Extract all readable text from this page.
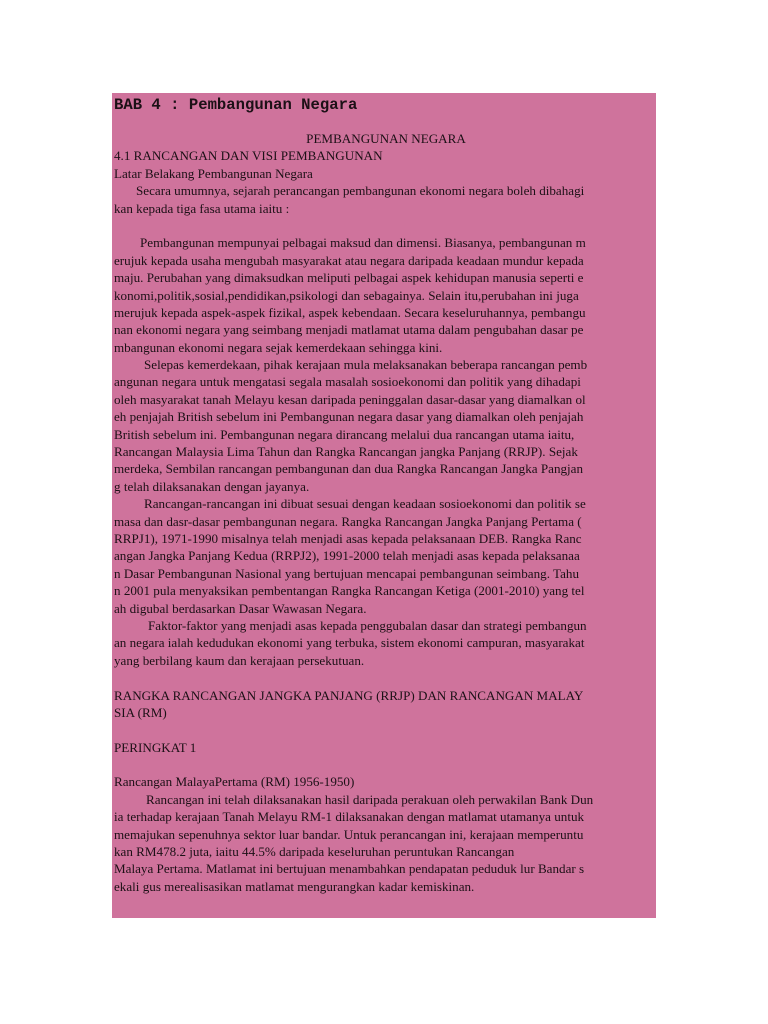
BAB 4 : Pembangunan Negara
PEMBANGUNAN NEGARA
4.1 RANCANGAN DAN VISI PEMBANGUNAN
Latar Belakang Pembangunan Negara
Secara umumnya, sejarah perancangan pembangunan ekonomi negara boleh dibahagi
kan kepada tiga fasa utama iaitu :
Pembangunan mempunyai pelbagai maksud dan dimensi. Biasanya, pembangunan m
erujuk kepada usaha mengubah masyarakat atau negara daripada keadaan mundur kepada
maju. Perubahan yang dimaksudkan meliputi pelbagai aspek kehidupan manusia seperti e
konomi,politik,sosial,pendidikan,psikologi dan sebagainya. Selain itu,perubahan ini juga
merujuk kepada aspek-aspek fizikal, aspek kebendaan. Secara keseluruhannya, pembangu
nan ekonomi negara yang seimbang menjadi matlamat utama dalam pengubahan dasar pe
mbangunan ekonomi negara sejak kemerdekaan sehingga kini.
Selepas kemerdekaan, pihak kerajaan mula melaksanakan beberapa rancangan pemb
angunan negara untuk mengatasi segala masalah sosioekonomi dan politik yang dihadapi
oleh masyarakat tanah Melayu kesan daripada peninggalan dasar-dasar yang diamalkan ol
eh penjajah British sebelum ini Pembangunan negara dasar yang diamalkan oleh penjajah
British sebelum ini. Pembangunan negara dirancang melalui dua rancangan utama iaitu,
Rancangan Malaysia Lima Tahun dan Rangka Rancangan jangka Panjang (RRJP). Sejak
merdeka, Sembilan rancangan pembangunan dan dua Rangka Rancangan Jangka Pangjan
g telah dilaksanakan dengan jayanya.
Rancangan-rancangan ini dibuat sesuai dengan keadaan sosioekonomi dan politik se
masa dan dasr-dasar pembangunan negara. Rangka Rancangan Jangka Panjang Pertama (
RRPJ1), 1971-1990 misalnya telah menjadi asas kepada pelaksanaan DEB. Rangka Ranc
angan Jangka Panjang Kedua (RRPJ2), 1991-2000 telah menjadi asas kepada pelaksanaa
n Dasar Pembangunan Nasional yang bertujuan mencapai pembangunan seimbang. Tahu
n 2001 pula menyaksikan pembentangan Rangka Rancangan Ketiga (2001-2010) yang tel
ah digubal berdasarkan Dasar Wawasan Negara.
Faktor-faktor yang menjadi asas kepada penggubalan dasar dan strategi pembangun
an negara ialah kedudukan ekonomi yang terbuka, sistem ekonomi campuran, masyarakat
yang berbilang kaum dan kerajaan persekutuan.
RANGKA RANCANGAN JANGKA PANJANG (RRJP) DAN RANCANGAN MALAY
SIA (RM)
PERINGKAT 1
Rancangan MalayaPertama (RM) 1956-1950)
Rancangan ini telah dilaksanakan hasil daripada perakuan oleh perwakilan Bank Dun
ia terhadap kerajaan Tanah Melayu RM-1 dilaksanakan dengan matlamat utamanya untuk
memajukan sepenuhnya sektor luar bandar. Untuk perancangan ini, kerajaan memperuntu
kan RM478.2 juta, iaitu 44.5% daripada keseluruhan peruntukan Rancangan
Malaya Pertama. Matlamat ini bertujuan menambahkan pendapatan peduduk lur Bandar s
ekali gus merealisasikan matlamat mengurangkan kadar kemiskinan.
